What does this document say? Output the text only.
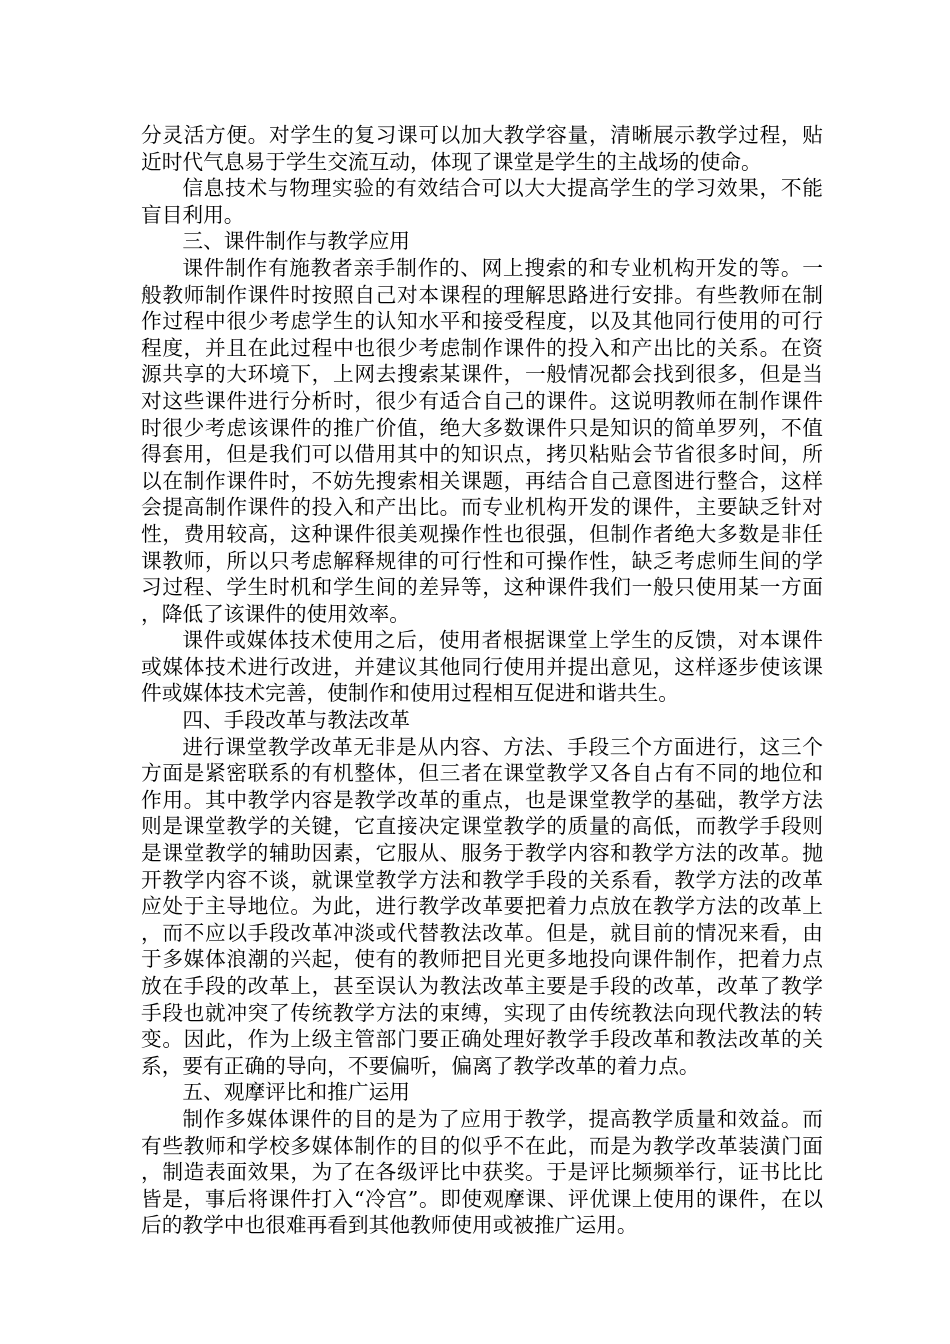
分灵活方便。对学生的复习课可以加大教学容量，清晰展示教学过程，贴近时代气息易于学生交流互动，体现了课堂是学生的主战场的使命。

信息技术与物理实验的有效结合可以大大提高学生的学习效果，不能盲目利用。

三、课件制作与教学应用

课件制作有施教者亲手制作的、网上搜索的和专业机构开发的等。一般教师制作课件时按照自己对本课程的理解思路进行安排。有些教师在制作过程中很少考虑学生的认知水平和接受程度，以及其他同行使用的可行程度，并且在此过程中也很少考虑制作课件的投入和产出比的关系。在资源共享的大环境下，上网去搜索某课件，一般情况都会找到很多，但是当对这些课件进行分析时，很少有适合自己的课件。这说明教师在制作课件时很少考虑该课件的推广价值，绝大多数课件只是知识的简单罗列，不值得套用，但是我们可以借用其中的知识点，拷贝粘贴会节省很多时间，所以在制作课件时，不妨先搜索相关课题，再结合自己意图进行整合，这样会提高制作课件的投入和产出比。而专业机构开发的课件，主要缺乏针对性，费用较高，这种课件很美观操作性也很强，但制作者绝大多数是非任课教师，所以只考虑解释规律的可行性和可操作性，缺乏考虑师生间的学习过程、学生时机和学生间的差异等，这种课件我们一般只使用某一方面，降低了该课件的使用效率。

课件或媒体技术使用之后，使用者根据课堂上学生的反馈，对本课件或媒体技术进行改进，并建议其他同行使用并提出意见，这样逐步使该课件或媒体技术完善，使制作和使用过程相互促进和谐共生。

四、手段改革与教法改革

进行课堂教学改革无非是从内容、方法、手段三个方面进行，这三个方面是紧密联系的有机整体，但三者在课堂教学又各自占有不同的地位和作用。其中教学内容是教学改革的重点，也是课堂教学的基础，教学方法则是课堂教学的关键，它直接决定课堂教学的质量的高低，而教学手段则是课堂教学的辅助因素，它服从、服务于教学内容和教学方法的改革。抛开教学内容不谈，就课堂教学方法和教学手段的关系看，教学方法的改革应处于主导地位。为此，进行教学改革要把着力点放在教学方法的改革上，而不应以手段改革冲淡或代替教法改革。但是，就目前的情况来看，由于多媒体浪潮的兴起，使有的教师把目光更多地投向课件制作，把着力点放在手段的改革上，甚至误认为教法改革主要是手段的改革，改革了教学手段也就冲突了传统教学方法的束缚，实现了由传统教法向现代教法的转变。因此，作为上级主管部门要正确处理好教学手段改革和教法改革的关系，要有正确的导向，不要偏听，偏离了教学改革的着力点。

五、观摩评比和推广运用

制作多媒体课件的目的是为了应用于教学，提高教学质量和效益。而有些教师和学校多媒体制作的目的似乎不在此，而是为教学改革装潢门面，制造表面效果，为了在各级评比中获奖。于是评比频频举行，证书比比皆是，事后将课件打入“冷宫”。即使观摩课、评优课上使用的课件，在以后的教学中也很难再看到其他教师使用或被推广运用。
